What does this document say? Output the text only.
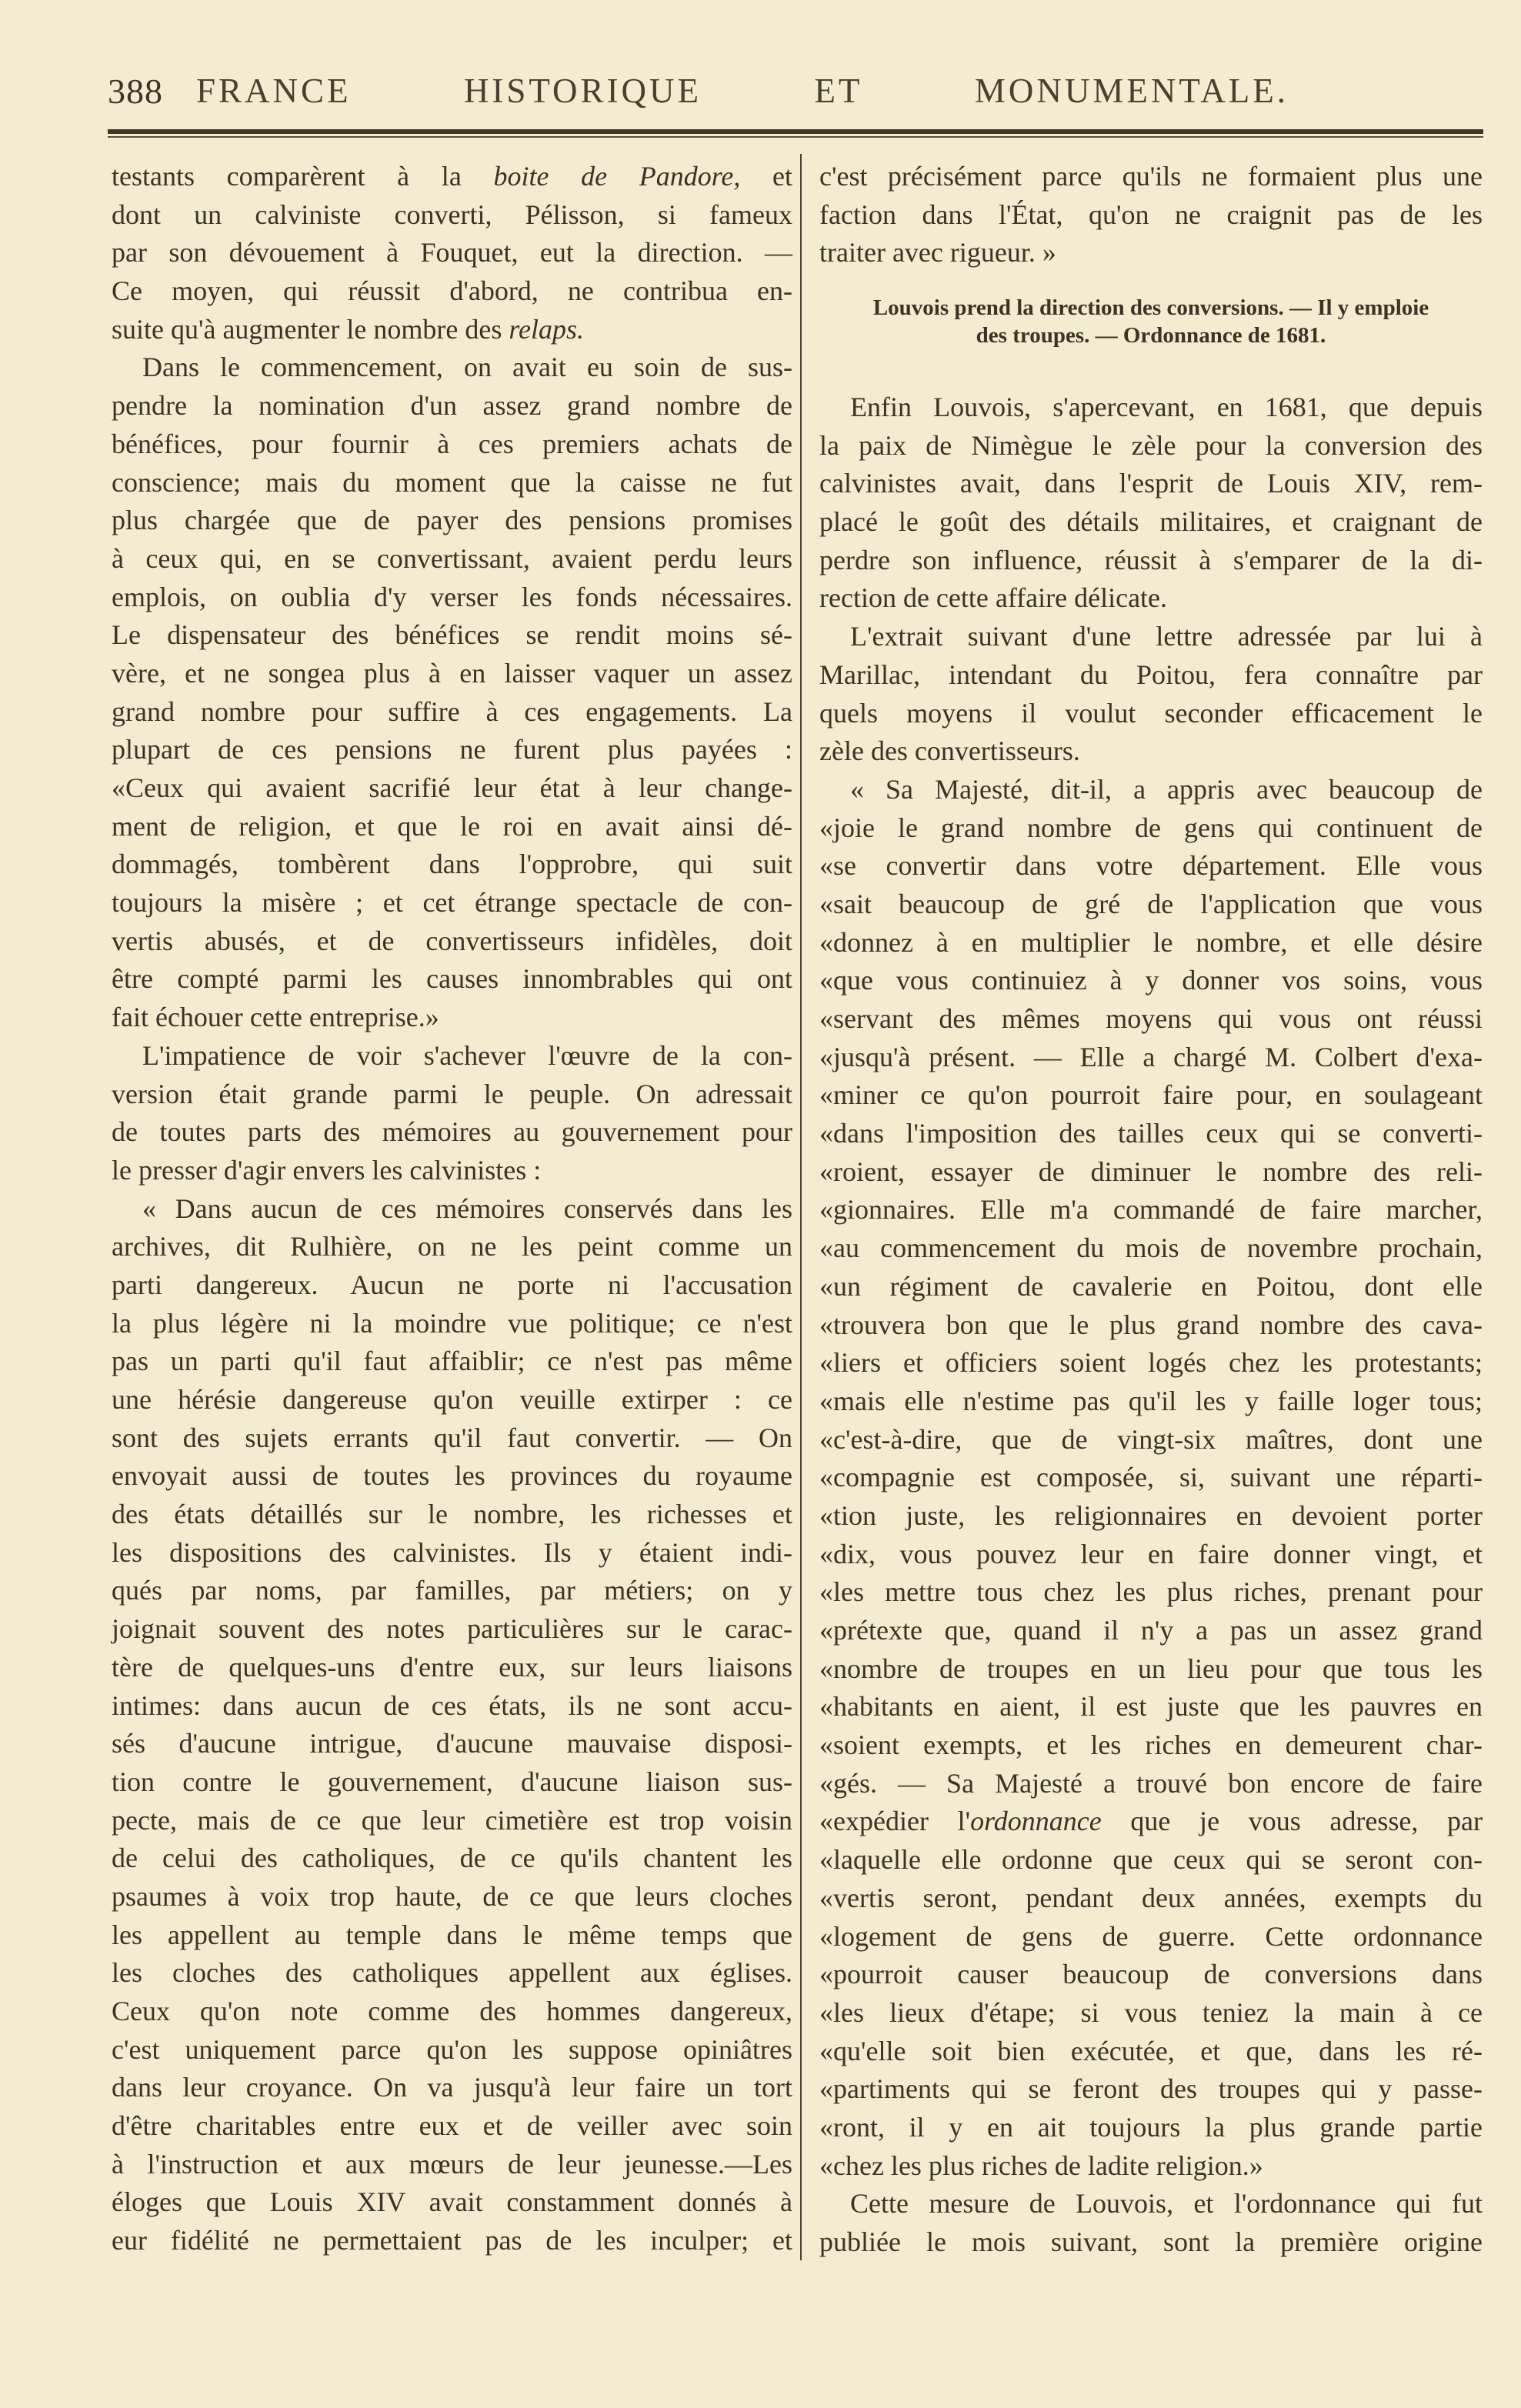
388 FRANCE HISTORIQUE ET MONUMENTALE.
testants comparèrent à la boite de Pandore, et
dont un calviniste converti, Pélisson, si fameux
par son dévouement à Fouquet, eut la direction. —
Ce moyen, qui réussit d'abord, ne contribua en-
suite qu'à augmenter le nombre des relaps.
Dans le commencement, on avait eu soin de sus-
pendre la nomination d'un assez grand nombre de
bénéfices, pour fournir à ces premiers achats de
conscience; mais du moment que la caisse ne fut
plus chargée que de payer des pensions promises
à ceux qui, en se convertissant, avaient perdu leurs
emplois, on oublia d'y verser les fonds nécessaires.
Le dispensateur des bénéfices se rendit moins sé-
vère, et ne songea plus à en laisser vaquer un assez
grand nombre pour suffire à ces engagements. La
plupart de ces pensions ne furent plus payées :
«Ceux qui avaient sacrifié leur état à leur change-
ment de religion, et que le roi en avait ainsi dé-
dommagés, tombèrent dans l'opprobre, qui suit
toujours la misère ; et cet étrange spectacle de con-
vertis abusés, et de convertisseurs infidèles, doit
être compté parmi les causes innombrables qui ont
fait échouer cette entreprise.»
L'impatience de voir s'achever l'œuvre de la con-
version était grande parmi le peuple. On adressait
de toutes parts des mémoires au gouvernement pour
le presser d'agir envers les calvinistes :
« Dans aucun de ces mémoires conservés dans les
archives, dit Rulhière, on ne les peint comme un
parti dangereux. Aucun ne porte ni l'accusation
la plus légère ni la moindre vue politique; ce n'est
pas un parti qu'il faut affaiblir; ce n'est pas même
une hérésie dangereuse qu'on veuille extirper : ce
sont des sujets errants qu'il faut convertir. — On
envoyait aussi de toutes les provinces du royaume
des états détaillés sur le nombre, les richesses et
les dispositions des calvinistes. Ils y étaient indi-
qués par noms, par familles, par métiers; on y
joignait souvent des notes particulières sur le carac-
tère de quelques-uns d'entre eux, sur leurs liaisons
intimes: dans aucun de ces états, ils ne sont accu-
sés d'aucune intrigue, d'aucune mauvaise disposi-
tion contre le gouvernement, d'aucune liaison sus-
pecte, mais de ce que leur cimetière est trop voisin
de celui des catholiques, de ce qu'ils chantent les
psaumes à voix trop haute, de ce que leurs cloches
les appellent au temple dans le même temps que
les cloches des catholiques appellent aux églises.
Ceux qu'on note comme des hommes dangereux,
c'est uniquement parce qu'on les suppose opiniâtres
dans leur croyance. On va jusqu'à leur faire un tort
d'être charitables entre eux et de veiller avec soin
à l'instruction et aux mœurs de leur jeunesse.—Les
éloges que Louis XIV avait constamment donnés à
eur fidélité ne permettaient pas de les inculper; et
c'est précisément parce qu'ils ne formaient plus une
faction dans l'État, qu'on ne craignit pas de les
traiter avec rigueur. »
Louvois prend la direction des conversions. — Il y emploie
des troupes. — Ordonnance de 1681.
Enfin Louvois, s'apercevant, en 1681, que depuis
la paix de Nimègue le zèle pour la conversion des
calvinistes avait, dans l'esprit de Louis XIV, rem-
placé le goût des détails militaires, et craignant de
perdre son influence, réussit à s'emparer de la di-
rection de cette affaire délicate.
L'extrait suivant d'une lettre adressée par lui à
Marillac, intendant du Poitou, fera connaître par
quels moyens il voulut seconder efficacement le
zèle des convertisseurs.
« Sa Majesté, dit-il, a appris avec beaucoup de
«joie le grand nombre de gens qui continuent de
«se convertir dans votre département. Elle vous
«sait beaucoup de gré de l'application que vous
«donnez à en multiplier le nombre, et elle désire
«que vous continuiez à y donner vos soins, vous
«servant des mêmes moyens qui vous ont réussi
«jusqu'à présent. — Elle a chargé M. Colbert d'exa-
«miner ce qu'on pourroit faire pour, en soulageant
«dans l'imposition des tailles ceux qui se converti-
«roient, essayer de diminuer le nombre des reli-
«gionnaires. Elle m'a commandé de faire marcher,
«au commencement du mois de novembre prochain,
«un régiment de cavalerie en Poitou, dont elle
«trouvera bon que le plus grand nombre des cava-
«liers et officiers soient logés chez les protestants;
«mais elle n'estime pas qu'il les y faille loger tous;
«c'est-à-dire, que de vingt-six maîtres, dont une
«compagnie est composée, si, suivant une réparti-
«tion juste, les religionnaires en devoient porter
«dix, vous pouvez leur en faire donner vingt, et
«les mettre tous chez les plus riches, prenant pour
«prétexte que, quand il n'y a pas un assez grand
«nombre de troupes en un lieu pour que tous les
«habitants en aient, il est juste que les pauvres en
«soient exempts, et les riches en demeurent char-
«gés. — Sa Majesté a trouvé bon encore de faire
«expédier l'ordonnance que je vous adresse, par
«laquelle elle ordonne que ceux qui se seront con-
«vertis seront, pendant deux années, exempts du
«logement de gens de guerre. Cette ordonnance
«pourroit causer beaucoup de conversions dans
«les lieux d'étape; si vous teniez la main à ce
«qu'elle soit bien exécutée, et que, dans les ré-
«partiments qui se feront des troupes qui y passe-
«ront, il y en ait toujours la plus grande partie
«chez les plus riches de ladite religion.»
Cette mesure de Louvois, et l'ordonnance qui fut
publiée le mois suivant, sont la première origine
